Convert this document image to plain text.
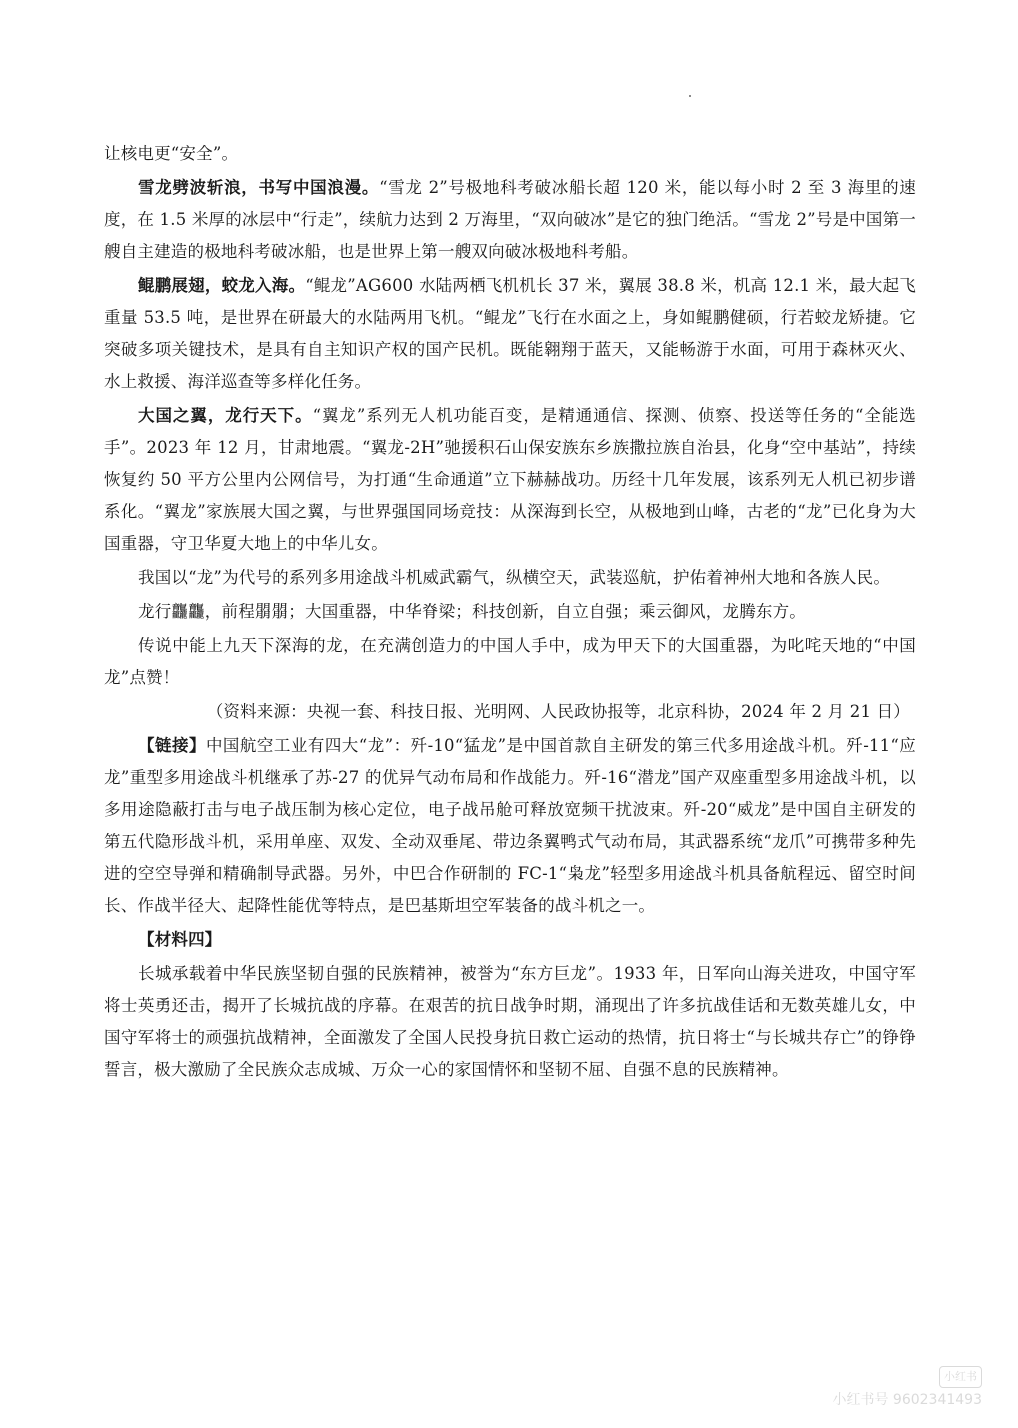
让核电更“安全”。

雪龙劈波斩浪，书写中国浪漫。“雪龙 2”号极地科考破冰船长超 120 米，能以每小时 2 至 3 海里的速度，在 1.5 米厚的冰层中“行走”，续航力达到 2 万海里，“双向破冰”是它的独门绝活。“雪龙 2”号是中国第一艘自主建造的极地科考破冰船，也是世界上第一艘双向破冰极地科考船。

鲲鹏展翅，蛟龙入海。“鲲龙”AG600 水陆两栖飞机机长 37 米，翼展 38.8 米，机高 12.1 米，最大起飞重量 53.5 吨，是世界在研最大的水陆两用飞机。“鲲龙”飞行在水面之上，身如鲲鹏健硕，行若蛟龙矫捷。它突破多项关键技术，是具有自主知识产权的国产民机。既能翱翔于蓝天，又能畅游于水面，可用于森林灭火、水上救援、海洋巡查等多样化任务。

大国之翼，龙行天下。“翼龙”系列无人机功能百变，是精通通信、探测、侦察、投送等任务的“全能选手”。2023 年 12 月，甘肃地震。“翼龙-2H”驰援积石山保安族东乡族撒拉族自治县，化身“空中基站”，持续恢复约 50 平方公里内公网信号，为打通“生命通道”立下赫赫战功。历经十几年发展，该系列无人机已初步谱系化。“翼龙”家族展大国之翼，与世界强国同场竞技：从深海到长空，从极地到山峰，古老的“龙”已化身为大国重器，守卫华夏大地上的中华儿女。

我国以“龙”为代号的系列多用途战斗机威武霸气，纵横空天，武装巡航，护佑着神州大地和各族人民。

龙行龘龘，前程朤朤；大国重器，中华脊梁；科技创新，自立自强；乘云御风，龙腾东方。

传说中能上九天下深海的龙，在充满创造力的中国人手中，成为甲天下的大国重器，为叱咤天地的“中国龙”点赞！

（资料来源：央视一套、科技日报、光明网、人民政协报等，北京科协，2024 年 2 月 21 日）

【链接】中国航空工业有四大“龙”：歼-10“猛龙”是中国首款自主研发的第三代多用途战斗机。歼-11“应龙”重型多用途战斗机继承了苏-27 的优异气动布局和作战能力。歼-16“潜龙”国产双座重型多用途战斗机，以多用途隐蔽打击与电子战压制为核心定位，电子战吊舱可释放宽频干扰波束。歼-20“威龙”是中国自主研发的第五代隐形战斗机，采用单座、双发、全动双垂尾、带边条翼鸭式气动布局，其武器系统“龙爪”可携带多种先进的空空导弹和精确制导武器。另外，中巴合作研制的 FC-1“枭龙”轻型多用途战斗机具备航程远、留空时间长、作战半径大、起降性能优等特点，是巴基斯坦空军装备的战斗机之一。

【材料四】

长城承载着中华民族坚韧自强的民族精神，被誉为“东方巨龙”。1933 年，日军向山海关进攻，中国守军将士英勇还击，揭开了长城抗战的序幕。在艰苦的抗日战争时期，涌现出了许多抗战佳话和无数英雄儿女，中国守军将士的顽强抗战精神，全面激发了全国人民投身抗日救亡运动的热情，抗日将士“与长城共存亡”的铮铮誓言，极大激励了全民族众志成城、万众一心的家国情怀和坚韧不屈、自强不息的民族精神。

小红书
小红书号 9602341493
